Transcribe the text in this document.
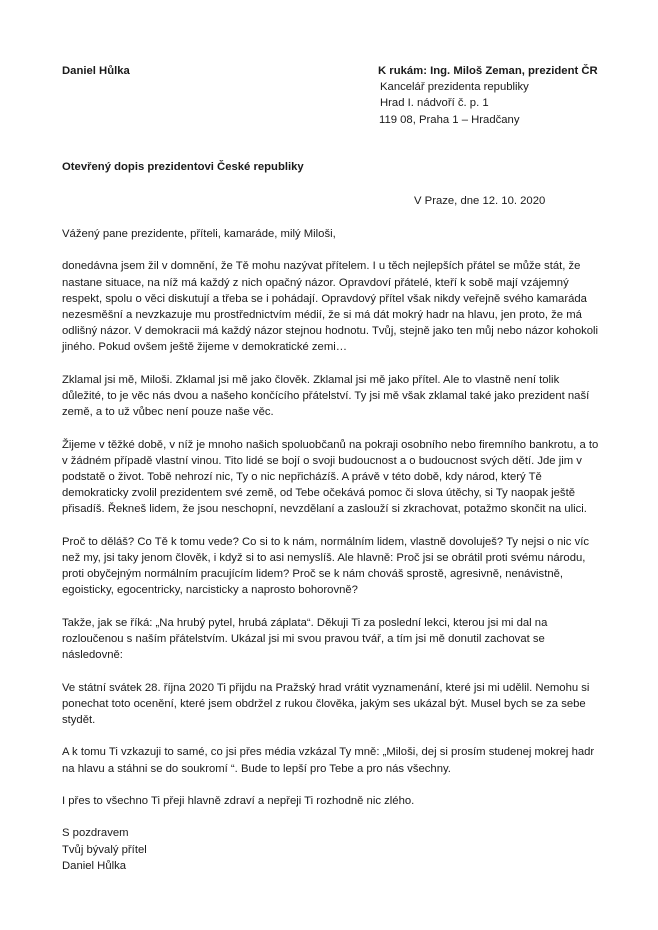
Daniel Hůlka	K rukám: Ing. Miloš Zeman, prezident ČR
Kancelář prezidenta republiky
Hrad I. nádvoří č. p. 1
119 08, Praha 1 – Hradčany
Otevřený dopis prezidentovi České republiky
V Praze, dne 12. 10. 2020

Vážený pane prezidente, příteli, kamaráde, milý Miloši,

donedávna jsem žil v domnění, že Tě mohu nazývat přítelem. I u těch nejlepších přátel se může stát, že nastane situace, na níž má každý z nich opačný názor. Opravdoví přátelé, kteří k sobě mají vzájemný respekt, spolu o věci diskutují a třeba se i pohádají. Opravdový přítel však nikdy veřejně svého kamaráda nezesměšní a nevzkazuje mu prostřednictvím médií, že si má dát mokrý hadr na hlavu, jen proto, že má odlišný názor. V demokracii má každý názor stejnou hodnotu. Tvůj, stejně jako ten můj nebo názor kohokoli jiného. Pokud ovšem ještě žijeme v demokratické zemi…

Zklamal jsi mě, Miloši. Zklamal jsi mě jako člověk. Zklamal jsi mě jako přítel. Ale to vlastně není tolik důležité, to je věc nás dvou a našeho končícího přátelství. Ty jsi mě však zklamal také jako prezident naší země, a to už vůbec není pouze naše věc.

Žijeme v těžké době, v níž je mnoho našich spoluobčanů na pokraji osobního nebo firemního bankrotu, a to v žádném případě vlastní vinou. Tito lidé se bojí o svoji budoucnost a o budoucnost svých dětí. Jde jim v podstatě o život. Tobě nehrozí nic, Ty o nic nepřicházíš. A právě v této době, kdy národ, který Tě demokraticky zvolil prezidentem své země, od Tebe očekává pomoc či slova útěchy, si Ty naopak ještě přisadíš. Řekneš lidem, že jsou neschopní, nevzdělaní a zaslouží si zkrachovat, potažmo skončit na ulici.

Proč to děláš? Co Tě k tomu vede? Co si to k nám, normálním lidem, vlastně dovoluješ? Ty nejsi o nic víc než my, jsi taky jenom člověk, i když si to asi nemyslíš. Ale hlavně: Proč jsi se obrátil proti svému národu, proti obyčejným normálním pracujícím lidem? Proč se k nám chováš sprostě, agresivně, nenávistně, egoisticky, egocentricky, narcisticky a naprosto bohorovně?

Takže, jak se říká: „Na hrubý pytel, hrubá záplata“. Děkuji Ti za poslední lekci, kterou jsi mi dal na rozloučenou s naším přátelstvím. Ukázal jsi mi svou pravou tvář, a tím jsi mě donutil zachovat se následovně:

Ve státní svátek 28. října 2020 Ti přijdu na Pražský hrad vrátit vyznamenání, které jsi mi udělil. Nemohu si ponechat toto ocenění, které jsem obdržel z rukou člověka, jakým ses ukázal být. Musel bych se za sebe stydět.

A k tomu Ti vzkazuji to samé, co jsi přes média vzkázal Ty mně: „Miloši, dej si prosím studenej mokrej hadr na hlavu a stáhni se do soukromí “. Bude to lepší pro Tebe a pro nás všechny.

I přes to všechno Ti přeji hlavně zdraví a nepřeji Ti rozhodně nic zlého.

S pozdravem
Tvůj bývalý přítel
Daniel Hůlka
